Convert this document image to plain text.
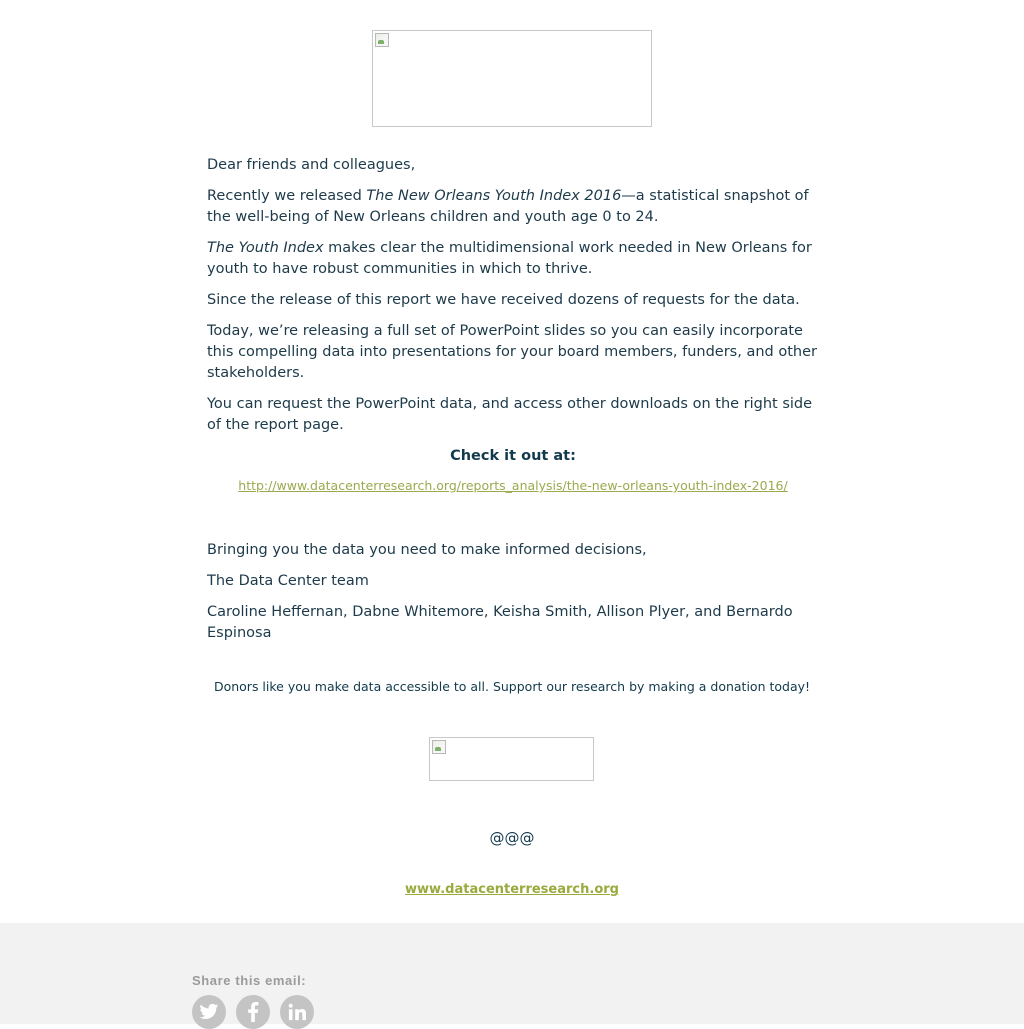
Dear friends and colleagues,

Recently we released The New Orleans Youth Index 2016—a statistical snapshot of the well-being of New Orleans children and youth age 0 to 24.

The Youth Index makes clear the multidimensional work needed in New Orleans for youth to have robust communities in which to thrive.

Since the release of this report we have received dozens of requests for the data.

Today, we’re releasing a full set of PowerPoint slides so you can easily incorporate this compelling data into presentations for your board members, funders, and other stakeholders.

You can request the PowerPoint data, and access other downloads on the right side of the report page.

Check it out at:

http://www.datacenterresearch.org/reports_analysis/the-new-orleans-youth-index-2016/

Bringing you the data you need to make informed decisions,

The Data Center team

Caroline Heffernan, Dabne Whitemore, Keisha Smith, Allison Plyer, and Bernardo Espinosa

Donors like you make data accessible to all. Support our research by making a donation today!
@@@
www.datacenterresearch.org
Share this email:
